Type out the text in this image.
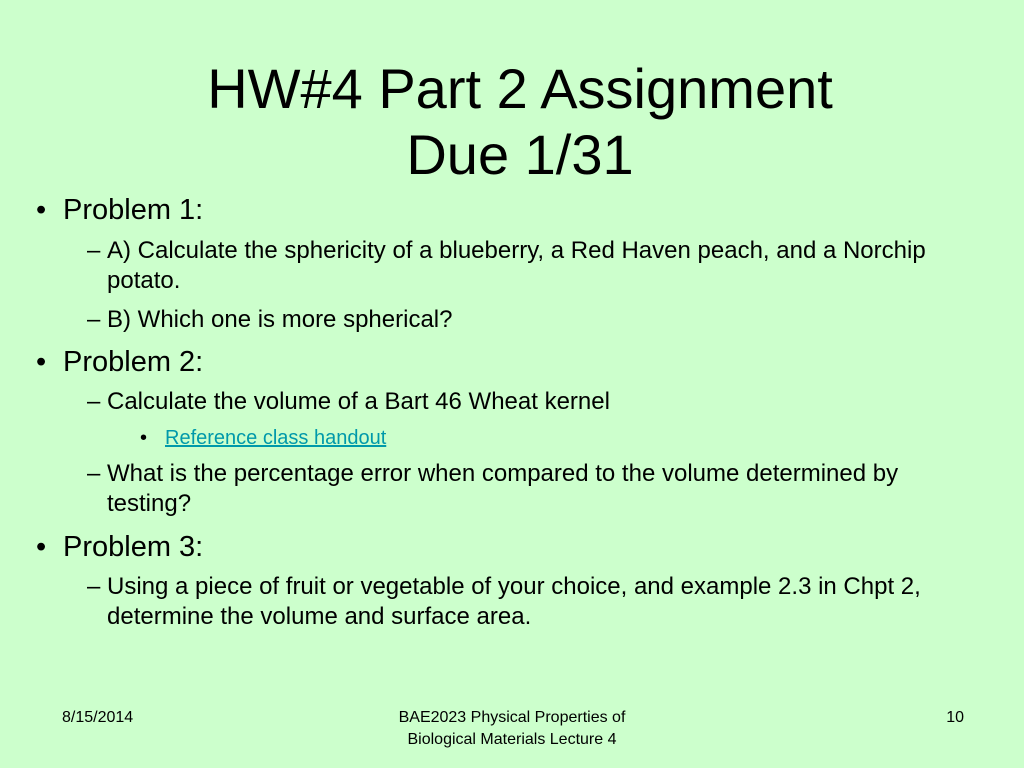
HW#4 Part 2 Assignment
Due 1/31
• Problem 1:
– A) Calculate the sphericity of a blueberry, a Red Haven peach, and a Norchip potato.
– B) Which one is more spherical?
• Problem 2:
– Calculate the volume of a Bart 46 Wheat kernel
• Reference class handout
– What is the percentage error when compared to the volume determined by testing?
• Problem 3:
– Using a piece of fruit or vegetable of your choice, and example 2.3 in Chpt 2, determine the volume and surface area.
8/15/2014	BAE2023 Physical Properties of
Biological Materials Lecture 4
10
